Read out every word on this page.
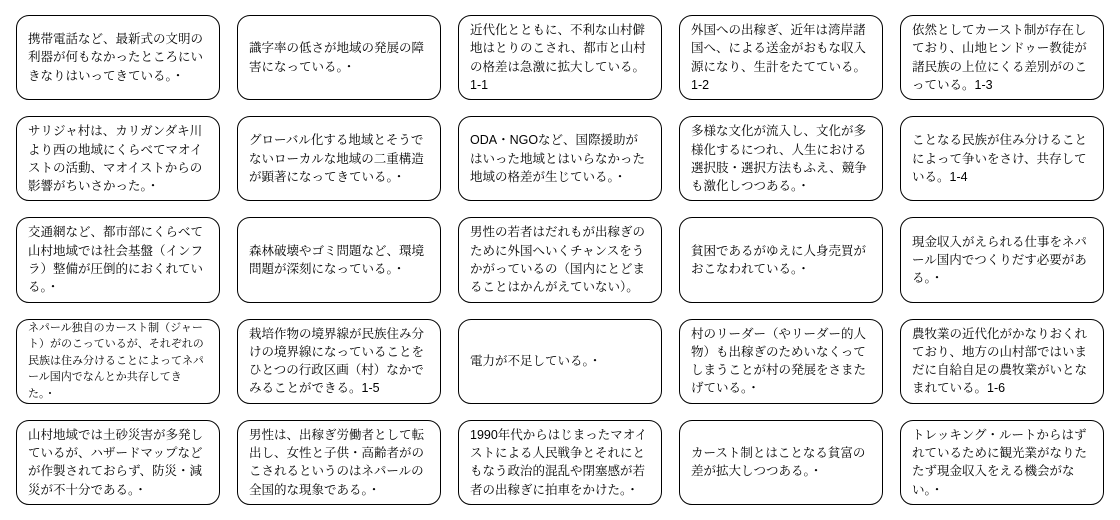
携帯電話など、最新式の文明の利器が何もなかったところにいきなりはいってきている。・

識字率の低さが地域の発展の障害になっている。・

近代化とともに、不利な山村僻地はとりのこされ、都市と山村の格差は急激に拡大している。1-1

外国への出稼ぎ、近年は湾岸諸国へ、による送金がおもな収入源になり、生計をたてている。1-2

依然としてカースト制が存在しており、山地ヒンドゥー教徒が諸民族の上位にくる差別がのこっている。1-3

サリジャ村は、カリガンダキ川より西の地域にくらべてマオイストの活動、マオイストからの影響がちいさかった。・

グローバル化する地域とそうでないローカルな地域の二重構造が顕著になってきている。・

ODA・NGOなど、国際援助がはいった地域とはいらなかった地域の格差が生じている。・

多様な文化が流入し、文化が多様化するにつれ、人生における選択肢・選択方法もふえ、競争も激化しつつある。・

ことなる民族が住み分けることによって争いをさけ、共存している。1-4

交通網など、都市部にくらべて山村地域では社会基盤（インフラ）整備が圧倒的におくれている。・

森林破壊やゴミ問題など、環境問題が深刻になっている。・

男性の若者はだれもが出稼ぎのために外国へいくチャンスをうかがっているの（国内にとどまることはかんがえていない）。

貧困であるがゆえに人身売買がおこなわれている。・

現金収入がえられる仕事をネパール国内でつくりだす必要がある。・

ネパール独自のカースト制（ジャート）がのこっているが、それぞれの民族は住み分けることによってネパール国内でなんとか共存してきた。・

栽培作物の境界線が民族住み分けの境界線になっていることをひとつの行政区画（村）なかでみることができる。1-5

電力が不足している。・

村のリーダー（やリーダー的人物）も出稼ぎのためいなくってしまうことが村の発展をさまたげている。・

農牧業の近代化がかなりおくれており、地方の山村部ではいまだに自給自足の農牧業がいとなまれている。1-6

山村地域では土砂災害が多発しているが、ハザードマップなどが作製されておらず、防災・減災が不十分である。・

男性は、出稼ぎ労働者として転出し、女性と子供・高齢者がのこされるというのはネパールの全国的な現象である。・

1990年代からはじまったマオイストによる人民戦争とそれにともなう政治的混乱や閉塞感が若者の出稼ぎに拍車をかけた。・

カースト制とはことなる貧富の差が拡大しつつある。・

トレッキング・ルートからはずれているために観光業がなりたたず現金収入をえる機会がない。・
